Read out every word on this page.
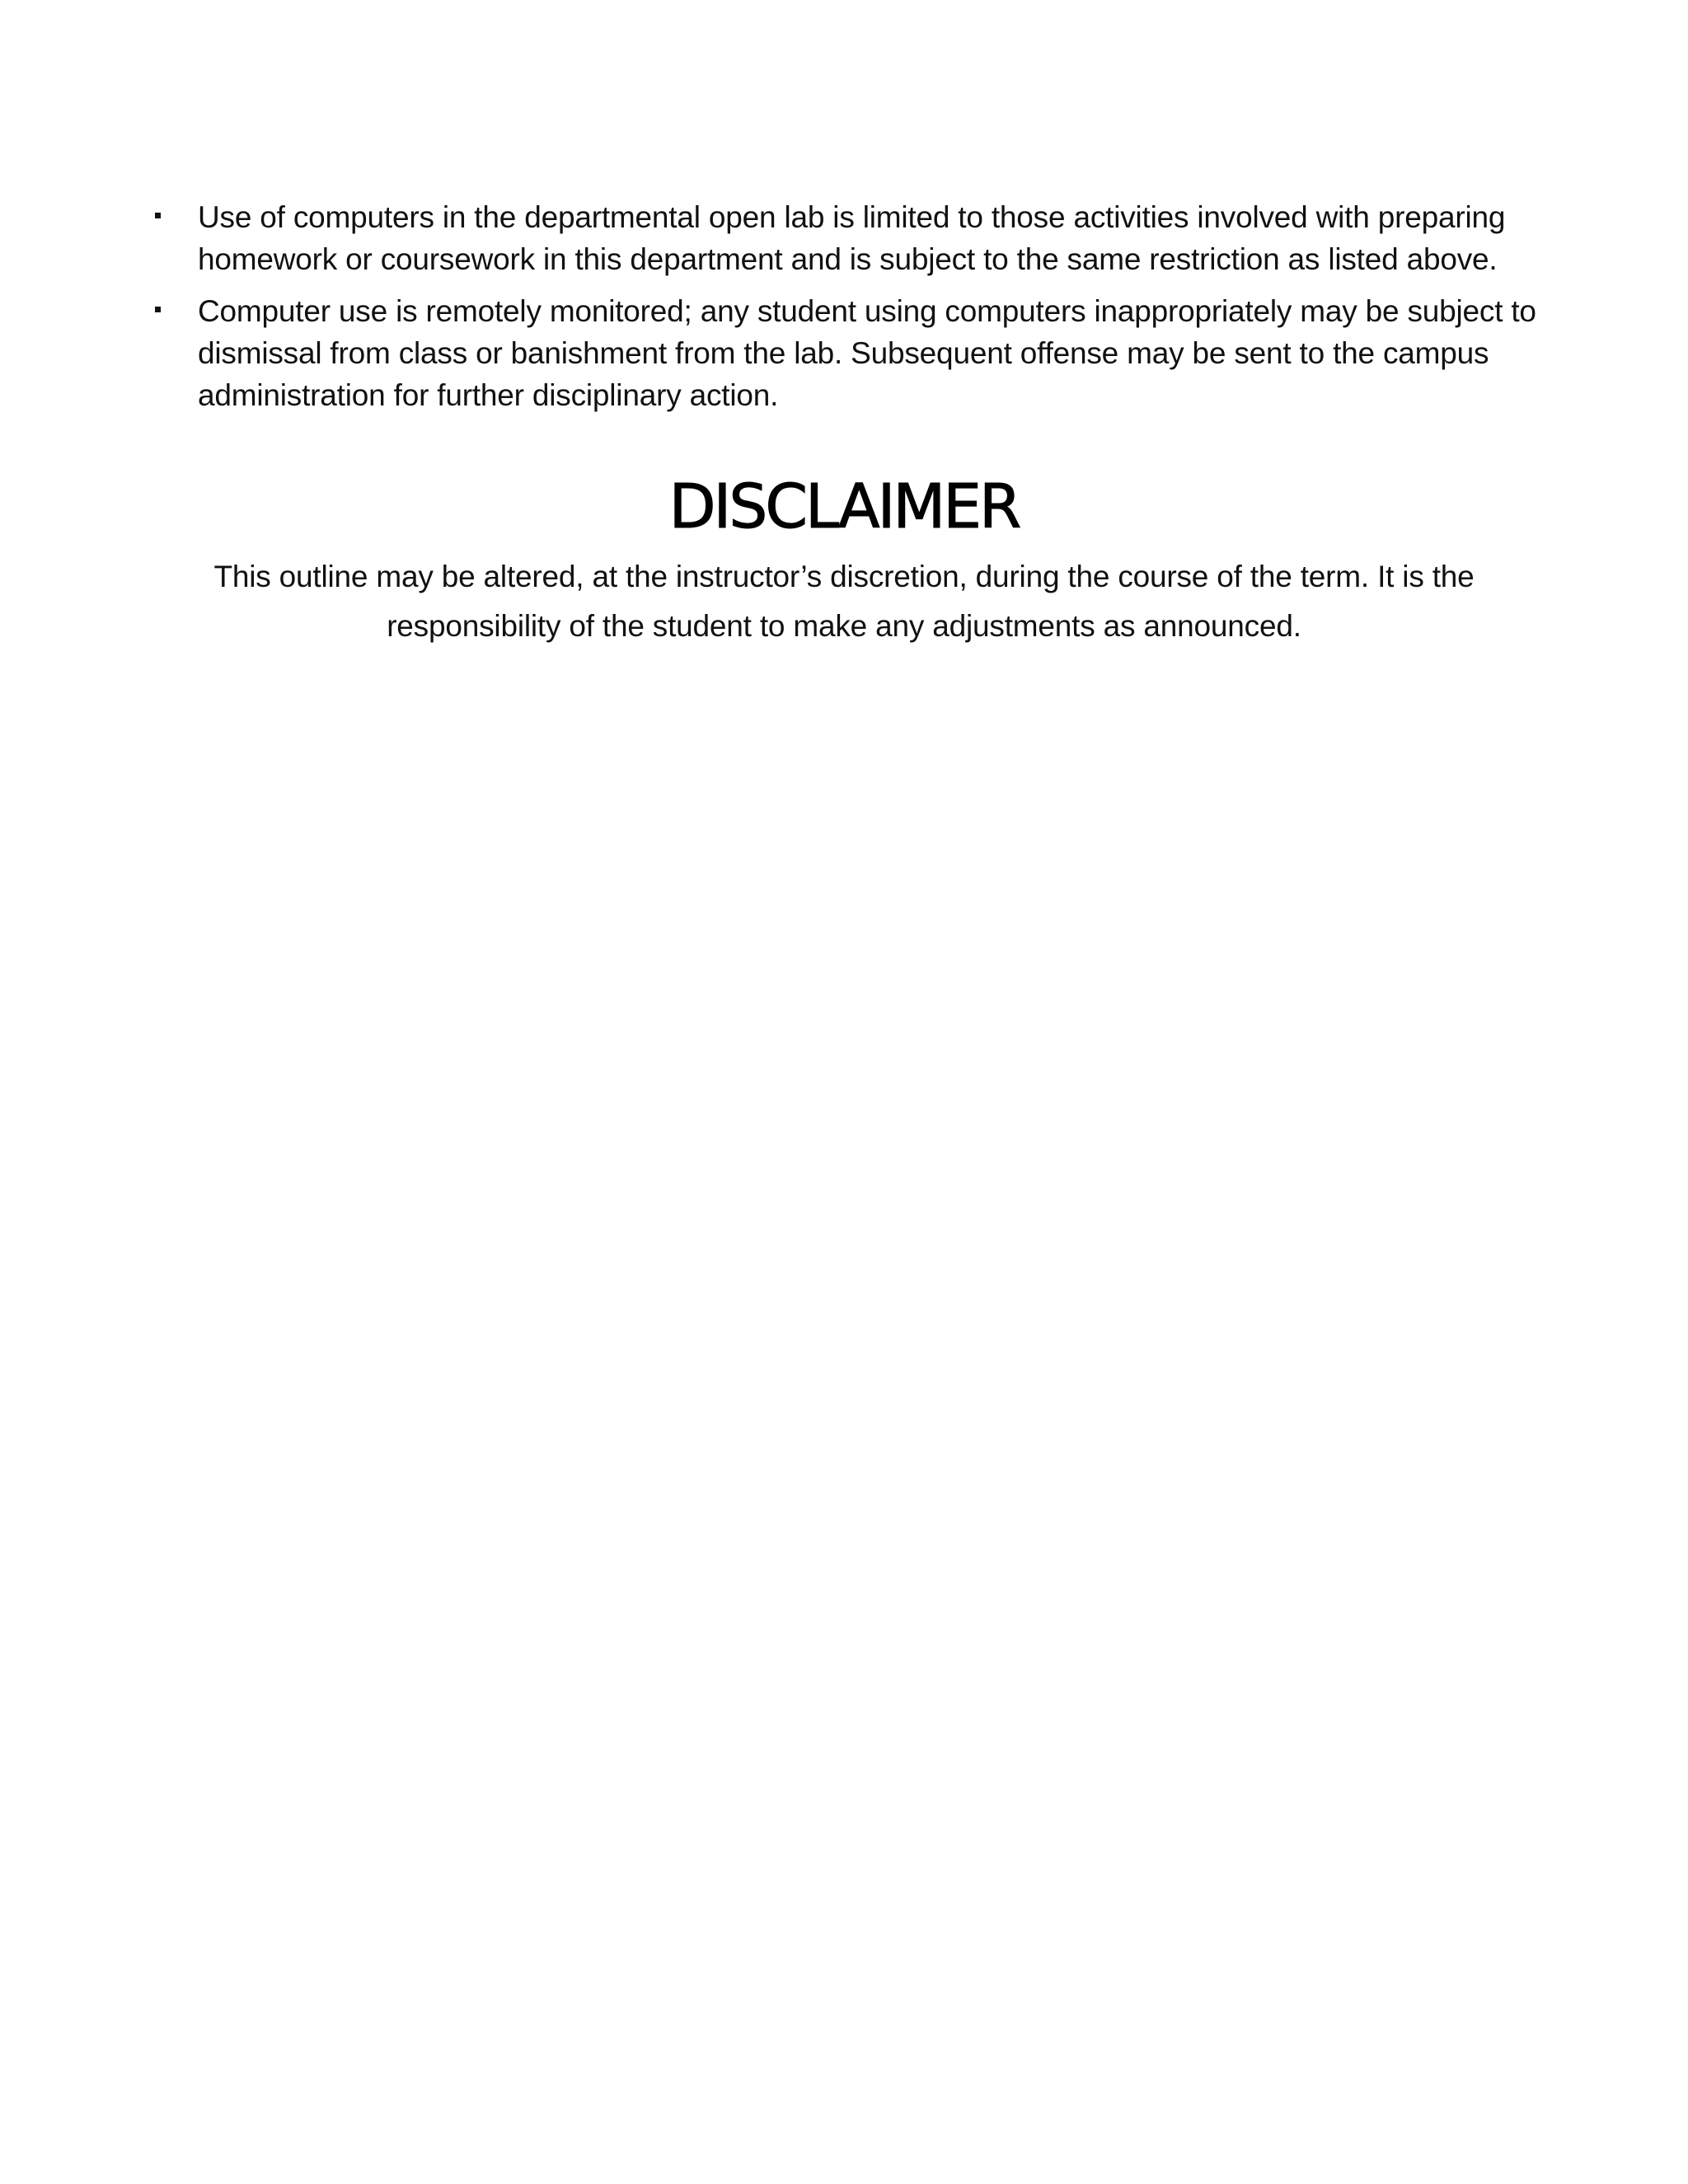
Use of computers in the departmental open lab is limited to those activities involved with preparing homework or coursework in this department and is subject to the same restriction as listed above.
Computer use is remotely monitored; any student using computers inappropriately may be subject to dismissal from class or banishment from the lab. Subsequent offense may be sent to the campus administration for further disciplinary action.
DISCLAIMER

This outline may be altered, at the instructor’s discretion, during the course of the term. It is the responsibility of the student to make any adjustments as announced.
